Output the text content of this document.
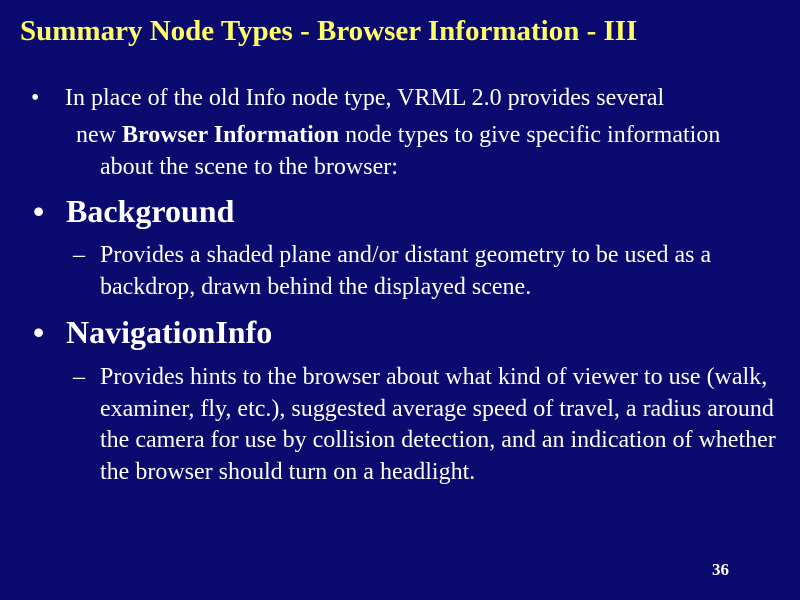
Summary Node Types - Browser Information - III
• In place of the old Info node type, VRML 2.0 provides several
new Browser Information node types to give specific information
about the scene to the browser:
• Background
– Provides a shaded plane and/or distant geometry to be used as a backdrop, drawn behind the displayed scene.
• NavigationInfo
– Provides hints to the browser about what kind of viewer to use (walk, examiner, fly, etc.), suggested average speed of travel, a radius around the camera for use by collision detection, and an indication of whether the browser should turn on a headlight.
36
